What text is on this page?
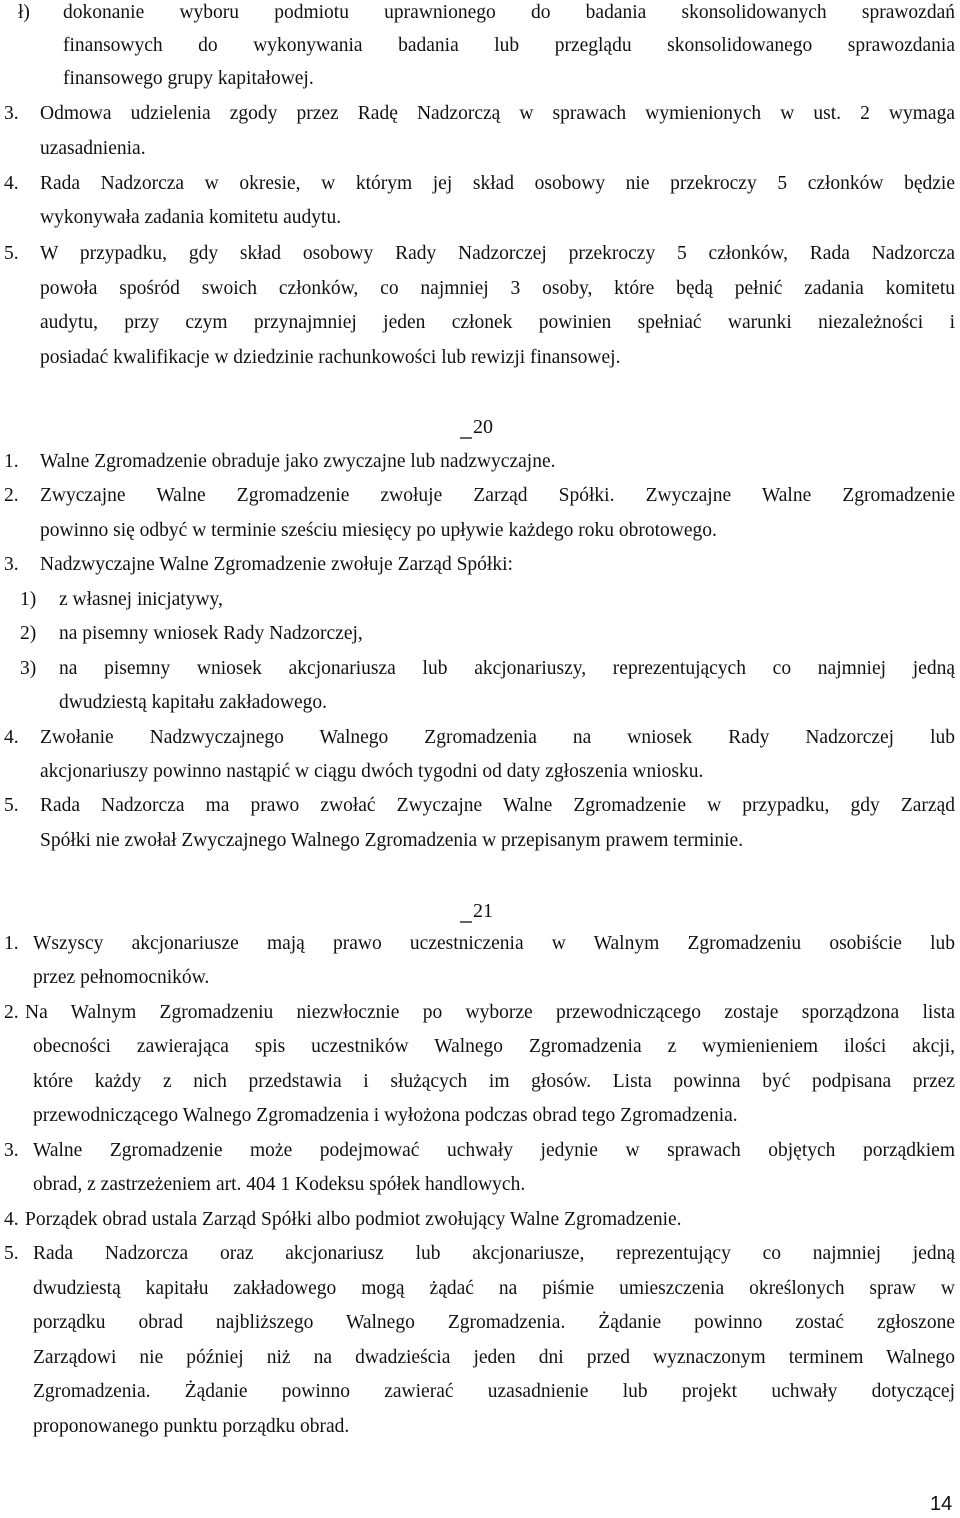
ł) dokonanie wyboru podmiotu uprawnionego do badania skonsolidowanych sprawozdań
finansowych do wykonywania badania lub przeglądu skonsolidowanego sprawozdania
finansowego grupy kapitałowej.
3. Odmowa udzielenia zgody przez Radę Nadzorczą w sprawach wymienionych w ust. 2 wymaga
uzasadnienia.
4. Rada Nadzorcza w okresie, w którym jej skład osobowy nie przekroczy 5 członków będzie
wykonywała zadania komitetu audytu.
5. W przypadku, gdy skład osobowy Rady Nadzorczej przekroczy 5 członków, Rada Nadzorcza
powoła spośród swoich członków, co najmniej 3 osoby, które będą pełnić zadania komitetu
audytu, przy czym przynajmniej jeden członek powinien spełniać warunki niezależności i
posiadać kwalifikacje w dziedzinie rachunkowości lub rewizji finansowej.
20
1. Walne Zgromadzenie obraduje jako zwyczajne lub nadzwyczajne.
2. Zwyczajne Walne Zgromadzenie zwołuje Zarząd Spółki. Zwyczajne Walne Zgromadzenie
powinno się odbyć w terminie sześciu miesięcy po upływie każdego roku obrotowego.
3. Nadzwyczajne Walne Zgromadzenie zwołuje Zarząd Spółki:
1) z własnej inicjatywy,
2) na pisemny wniosek Rady Nadzorczej,
3) na pisemny wniosek akcjonariusza lub akcjonariuszy, reprezentujących co najmniej jedną
dwudziestą kapitału zakładowego.
4. Zwołanie Nadzwyczajnego Walnego Zgromadzenia na wniosek Rady Nadzorczej lub
akcjonariuszy powinno nastąpić w ciągu dwóch tygodni od daty zgłoszenia wniosku.
5. Rada Nadzorcza ma prawo zwołać Zwyczajne Walne Zgromadzenie w przypadku, gdy Zarząd
Spółki nie zwołał Zwyczajnego Walnego Zgromadzenia w przepisanym prawem terminie.
21
1. Wszyscy akcjonariusze mają prawo uczestniczenia w Walnym Zgromadzeniu osobiście lub
przez pełnomocników.
2. Na Walnym Zgromadzeniu niezwłocznie po wyborze przewodniczącego zostaje sporządzona lista
obecności zawierająca spis uczestników Walnego Zgromadzenia z wymienieniem ilości akcji,
które każdy z nich przedstawia i służących im głosów. Lista powinna być podpisana przez
przewodniczącego Walnego Zgromadzenia i wyłożona podczas obrad tego Zgromadzenia.
3. Walne Zgromadzenie może podejmować uchwały jedynie w sprawach objętych porządkiem
obrad, z zastrzeżeniem art. 404 1 Kodeksu spółek handlowych.
4. Porządek obrad ustala Zarząd Spółki albo podmiot zwołujący Walne Zgromadzenie.
5. Rada Nadzorcza oraz akcjonariusz lub akcjonariusze, reprezentujący co najmniej jedną
dwudziestą kapitału zakładowego mogą żądać na piśmie umieszczenia określonych spraw w
porządku obrad najbliższego Walnego Zgromadzenia. Żądanie powinno zostać zgłoszone
Zarządowi nie później niż na dwadzieścia jeden dni przed wyznaczonym terminem Walnego
Zgromadzenia. Żądanie powinno zawierać uzasadnienie lub projekt uchwały dotyczącej
proponowanego punktu porządku obrad.
14
